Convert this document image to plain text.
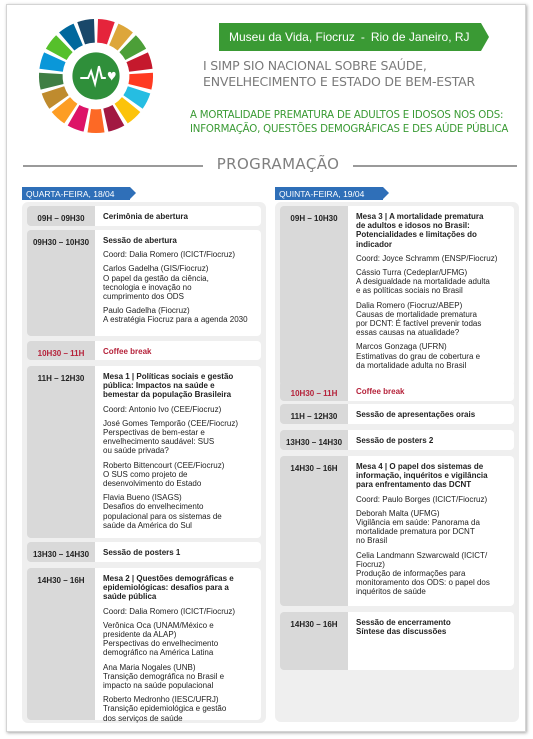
Museu da Vida, Fiocruz - Rio de Janeiro, RJ
I SIMP SIO NACIONAL SOBRE SAÚDE,
ENVELHECIMENTO E ESTADO DE BEM-ESTAR
A MORTALIDADE PREMATURA DE ADULTOS E IDOSOS NOS ODS:
INFORMAÇÃO, QUESTÕES DEMOGRÁFICAS E DES AÚDE PÚBLICA
PROGRAMAÇÃO
QUARTA-FEIRA, 18/04	QUINTA-FEIRA, 19/04
09H – 09H30	Cerimônia de abertura
09H30 – 10H30	Sessão de abertura
Coord: Dalia Romero (ICICT/Fiocruz)
Carlos Gadelha (GIS/Fiocruz)
O papel da gestão da ciência,
tecnologia e inovação no
cumprimento dos ODS
Paulo Gadelha (Fiocruz)
A estratégia Fiocruz para a agenda 2030
10H30 – 11H	Coffee break
11H – 12H30	Mesa 1 | Políticas sociais e gestão
pública: Impactos na saúde e
bemestar da população Brasileira
Coord: Antonio Ivo (CEE/Fiocruz)
José Gomes Temporão (CEE/Fiocruz)
Perspectivas de bem-estar e
envelhecimento saudável: SUS
ou saúde privada?
Roberto Bittencourt (CEE/Fiocruz)
O SUS como projeto de
desenvolvimento do Estado
Flavia Bueno (ISAGS)
Desafios do envelhecimento
populacional para os sistemas de
saúde da América do Sul
13H30 – 14H30	Sessão de posters 1
14H30 – 16H	Mesa 2 | Questões demográficas e
epidemiológicas: desafios para a
saúde pública
Coord: Dalia Romero (ICICT/Fiocruz)
Verônica Oca (UNAM/México e
presidente da ALAP)
Perspectivas do envelhecimento
demográfico na América Latina
Ana Maria Nogales (UNB)
Transição demográfica no Brasil e
impacto na saúde populacional
Roberto Medronho (IESC/UFRJ)
Transição epidemiológica e gestão
dos serviços de saúde
09H – 10H30	Mesa 3 | A mortalidade prematura
de adultos e idosos no Brasil:
Potencialidades e limitações do
indicador
Coord: Joyce Schramm (ENSP/Fiocruz)
Cássio Turra (Cedeplar/UFMG)
A desigualdade na mortalidade adulta
e as políticas sociais no Brasil
Dalia Romero (Fiocruz/ABEP)
Causas de mortalidade prematura
por DCNT: É factível prevenir todas
essas causas na atualidade?
Marcos Gonzaga (UFRN)
Estimativas do grau de cobertura e
da mortalidade adulta no Brasil
10H30 – 11H	Coffee break
11H – 12H30	Sessão de apresentações orais
13H30 – 14H30	Sessão de posters 2
14H30 – 16H	Mesa 4 | O papel dos sistemas de
informação, inquéritos e vigilância
para enfrentamento das DCNT
Coord: Paulo Borges (ICICT/Fiocruz)
Deborah Malta (UFMG)
Vigilância em saúde: Panorama da
mortalidade prematura por DCNT
no Brasil
Celia Landmann Szwarcwald (ICICT/
Fiocruz)
Produção de informações para
monitoramento dos ODS: o papel dos
inquéritos de saúde
14H30 – 16H	Sessão de encerramento
Síntese das discussões
